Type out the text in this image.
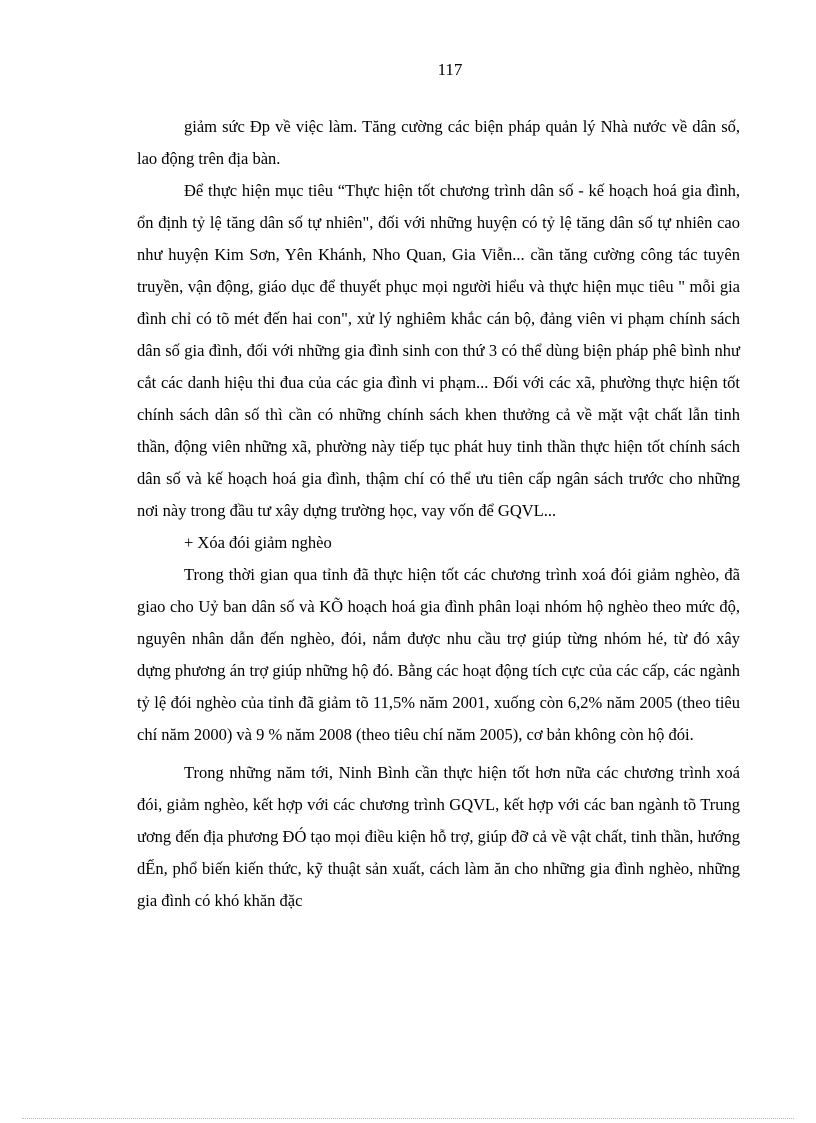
117

giảm sức Đp về việc làm. Tăng cường các biện pháp quản lý Nhà nước về dân số, lao động trên địa bàn.

Để thực hiện mục tiêu “Thực hiện tốt chương trình dân số - kế hoạch hoá gia đình, ổn định tỷ lệ tăng dân số tự nhiên", đối với những huyện có tỷ lệ tăng dân số tự nhiên cao như huyện Kim Sơn, Yên Khánh, Nho Quan, Gia Viễn... cần tăng cường công tác tuyên truyền, vận động, giáo dục để thuyết phục mọi người hiểu và thực hiện mục tiêu " mỗi gia đình chỉ có tõ mét đến hai con", xử lý nghiêm khắc cán bộ, đảng viên vi phạm chính sách dân số gia đình, đối với những gia đình sinh con thứ 3 có thể dùng biện pháp phê bình như cắt các danh hiệu thi đua của các gia đình vi phạm... Đối với các xã, phường thực hiện tốt chính sách dân số thì cần có những chính sách khen thưởng cả về mặt vật chất lẫn tinh thần, động viên những xã, phường này tiếp tục phát huy tinh thần thực hiện tốt chính sách dân số và kế hoạch hoá gia đình, thậm chí có thể ưu tiên cấp ngân sách trước cho những nơi này trong đầu tư xây dựng trường học, vay vốn để GQVL...

+ Xóa đói giảm nghèo

Trong thời gian qua tỉnh đã thực hiện tốt các chương trình xoá đói giảm nghèo, đã giao cho Uỷ ban dân số và KÕ hoạch hoá gia đình phân loại nhóm hộ nghèo theo mức độ, nguyên nhân dẫn đến nghèo, đói, nắm được nhu cầu trợ giúp từng nhóm hé, từ đó xây dựng phương án trợ giúp những hộ đó. Bằng các hoạt động tích cực của các cấp, các ngành tỷ lệ đói nghèo của tỉnh đã giảm tõ 11,5% năm 2001, xuống còn 6,2% năm 2005 (theo tiêu chí năm 2000) và 9 % năm 2008 (theo tiêu chí năm 2005), cơ bản không còn hộ đói.

Trong những năm tới, Ninh Bình cần thực hiện tốt hơn nữa các chương trình xoá đói, giảm nghèo, kết hợp với các chương trình GQVL, kết hợp với các ban ngành tõ Trung ương đến địa phương ĐÓ tạo mọi điều kiện hỗ trợ, giúp đỡ cả về vật chất, tinh thần, hướng dẾn, phổ biến kiến thức, kỹ thuật sản xuất, cách làm ăn cho những gia đình nghèo, những gia đình có khó khăn đặc
